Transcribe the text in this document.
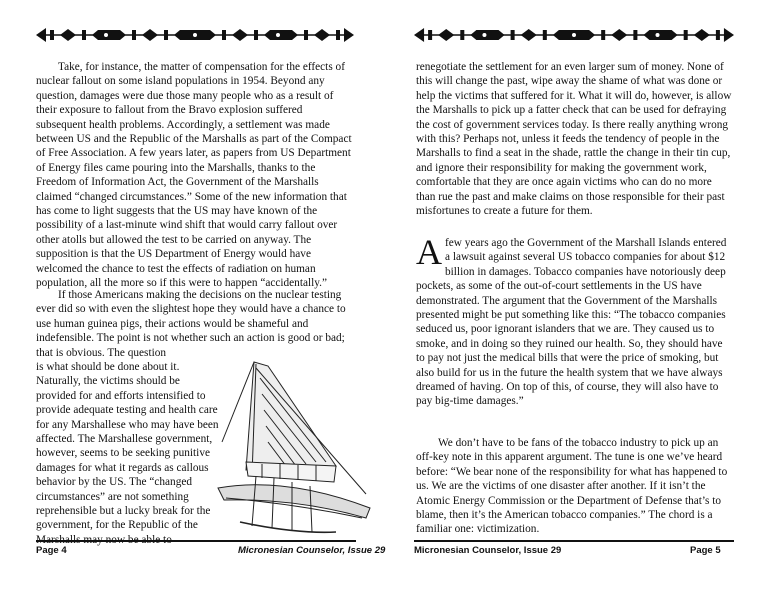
Take, for instance, the matter of compensation for the effects of nuclear fallout on some island populations in 1954. Beyond any question, damages were due those many people who as a result of their exposure to fallout from the Bravo explosion suffered subsequent health problems. Accordingly, a settlement was made between US and the Republic of the Marshalls as part of the Compact of Free Association. A few years later, as papers from US Department of Energy files came pouring into the Marshalls, thanks to the Freedom of Information Act, the Government of the Marshalls claimed “changed circumstances.” Some of the new information that has come to light suggests that the US may have known of the possibility of a last-minute wind shift that would carry fallout over other atolls but allowed the test to be carried on anyway. The supposition is that the US Department of Energy would have welcomed the chance to test the effects of radiation on human population, all the more so if this were to happen “accidentally.”

If those Americans making the decisions on the nuclear testing ever did so with even the slightest hope they would have a chance to use human guinea pigs, their actions would be shameful and indefensible. The point is not whether such an action is good or bad; that is obvious. The question

is what should be done about it. Naturally, the victims should be provided for and efforts intensified to provide adequate testing and health care for any Marshallese who may have been affected. The Marshallese government, however, seems to be seeking punitive damages for what it regards as callous behavior by the US. The “changed circumstances” are not something reprehensible but a lucky break for the government, for the Republic of the

Page 4	Micronesian Counselor, Issue 29

renegotiate the settlement for an even larger sum of money. None of this will change the past, wipe away the shame of what was done or help the victims that suffered for it. What it will do, however, is allow the Marshalls to pick up a fatter check that can be used for defraying the cost of government services today. Is there really anything wrong with this? Perhaps not, unless it feeds the tendency of people in the Marshalls to find a seat in the shade, rattle the change in their tin cup, and ignore their responsibility for making the government work, comfortable that they are once again victims who can do no more than rue the past and make claims on those responsible for their past misfortunes to create a future for them.

Afew years ago the Government of the Marshall Islands entered a lawsuit against several US tobacco companies for about $12 billion in damages. Tobacco companies have notoriously deep pockets, as some of the out-of-court settlements in the US have demonstrated. The argument that the Government of the Marshalls presented might be put something like this: “The tobacco companies seduced us, poor ignorant islanders that we are. They caused us to smoke, and in doing so they ruined our health. So, they should have to pay not just the medical bills that were the price of smoking, but also build for us in the future the health system that we have always dreamed of having. On top of this, of course, they will also have to pay big-time damages.”

We don’t have to be fans of the tobacco industry to pick up an off-key note in this apparent argument. The tune is one we’ve heard before: “We bear none of the responsibility for what has happened to us. We are the victims of one disaster after another. If it isn’t the Atomic Energy Commission or the Department of Defense that’s to blame, then it’s the American tobacco companies.” The chord is a familiar one: victimization.

Micronesian Counselor, Issue 29	Page 5
